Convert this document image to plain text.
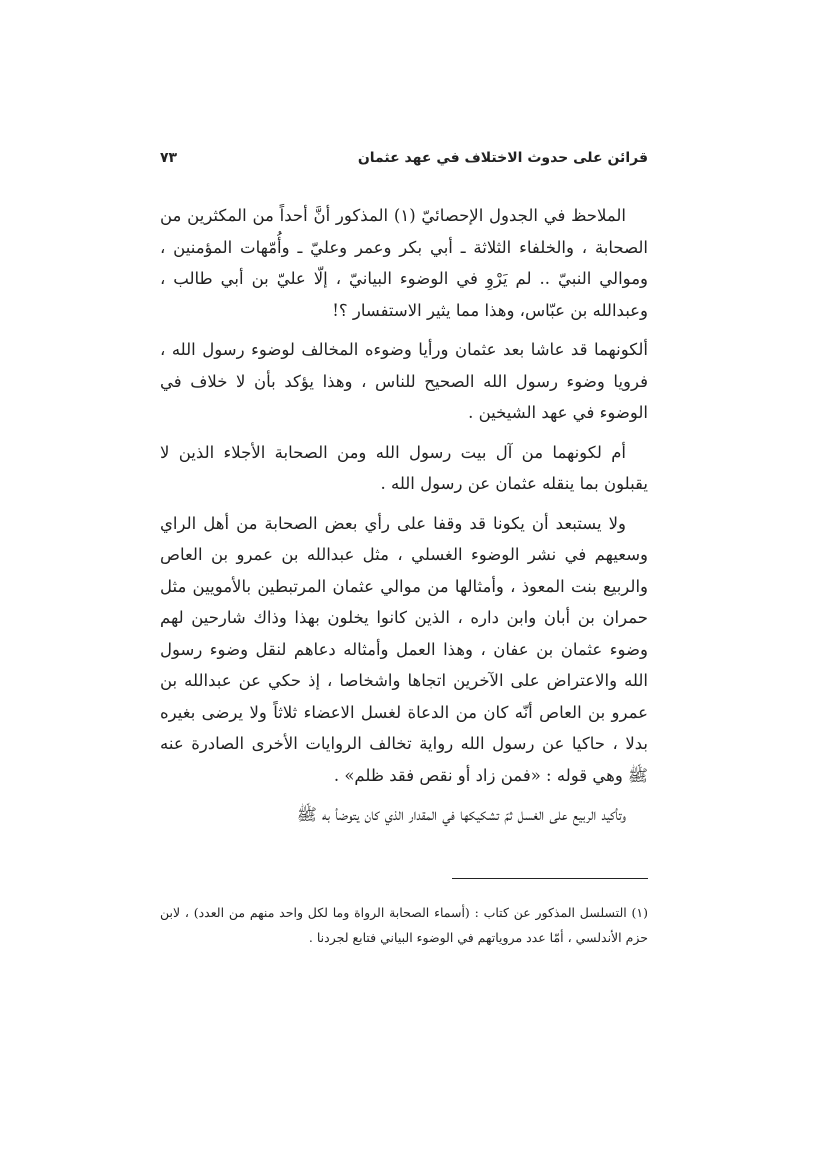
قرائن على حدوث الاختلاف في عهد عثمان
٧٣

الملاحظ في الجدول الإحصائيّ (١) المذكور أنَّ أحداً من المكثرين من الصحابة ، والخلفاء الثلاثة ـ أبي بكر وعمر وعليّ ـ وأُمّهات المؤمنين ، وموالي النبيّ .. لم يَرْوِ في الوضوء البيانيّ ، إلّا عليّ بن أبي طالب ، وعبدالله بن عبّاس، وهذا مما يثير الاستفسار ؟!

ألكونهما قد عاشا بعد عثمان ورأيا وضوءه المخالف لوضوء رسول الله ، فرويا وضوء رسول الله الصحيح للناس ، وهذا يؤكد بأن لا خلاف في الوضوء في عهد الشيخين .

أم لكونهما من آل بيت رسول الله ومن الصحابة الأجلاء الذين لا يقبلون بما ينقله عثمان عن رسول الله .

ولا يستبعد أن يكونا قد وقفا على رأي بعض الصحابة من أهل الراي وسعيهم في نشر الوضوء الغسلي ، مثل عبدالله بن عمرو بن العاص والربيع بنت المعوذ ، وأمثالها من موالي عثمان المرتبطين بالأمويين مثل حمران بن أبان وابن داره ، الذين كانوا يخلون بهذا وذاك شارحين لهم وضوء عثمان بن عفان ، وهذا العمل وأمثاله دعاهم لنقل وضوء رسول الله والاعتراض على الآخرين اتجاها واشخاصا ، إذ حكي عن عبدالله بن عمرو بن العاص أنّه كان من الدعاة لغسل الاعضاء ثلاثاً ولا يرضى بغيره بدلا ، حاكيا عن رسول الله رواية تخالف الروايات الأخرى الصادرة عنه ﷺ وهي قوله : «فمن زاد أو نقص فقد ظلم» .

وتأكيد الربيع على الغسل ثمّ تشكيكها في المقدار الذي كان يتوضأ به ﷺ

(١) التسلسل المذكور عن كتاب : (أسماء الصحابة الرواة وما لكل واحد منهم من العدد) ، لابن حزم الأندلسي ، أمّا عدد مروياتهم في الوضوء البياني فتابع لجردنا .
